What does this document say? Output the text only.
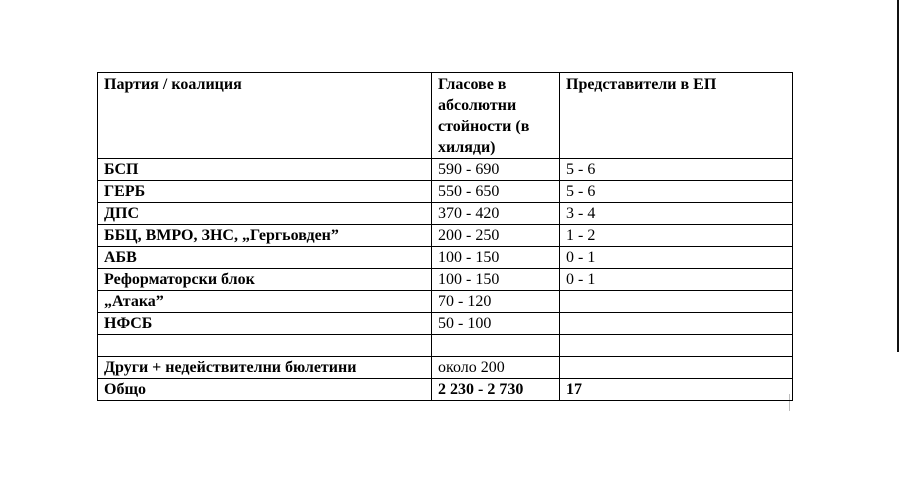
Партия / коалиция	Гласове в абсолютни стойности (в хиляди)	Представители в ЕП
БСП	590 - 690	5 - 6
ГЕРБ	550 - 650	5 - 6
ДПС	370 - 420	3 - 4
ББЦ, ВМРО, ЗНС, „Гергьовден”	200 - 250	1 - 2
АБВ	100 - 150	0 - 1
Реформаторски блок	100 - 150	0 - 1
„Атака”	70 - 120	
НФСБ	50 - 100	

Други + недействителни бюлетини	около 200	
Общо	2 230 - 2 730	17
